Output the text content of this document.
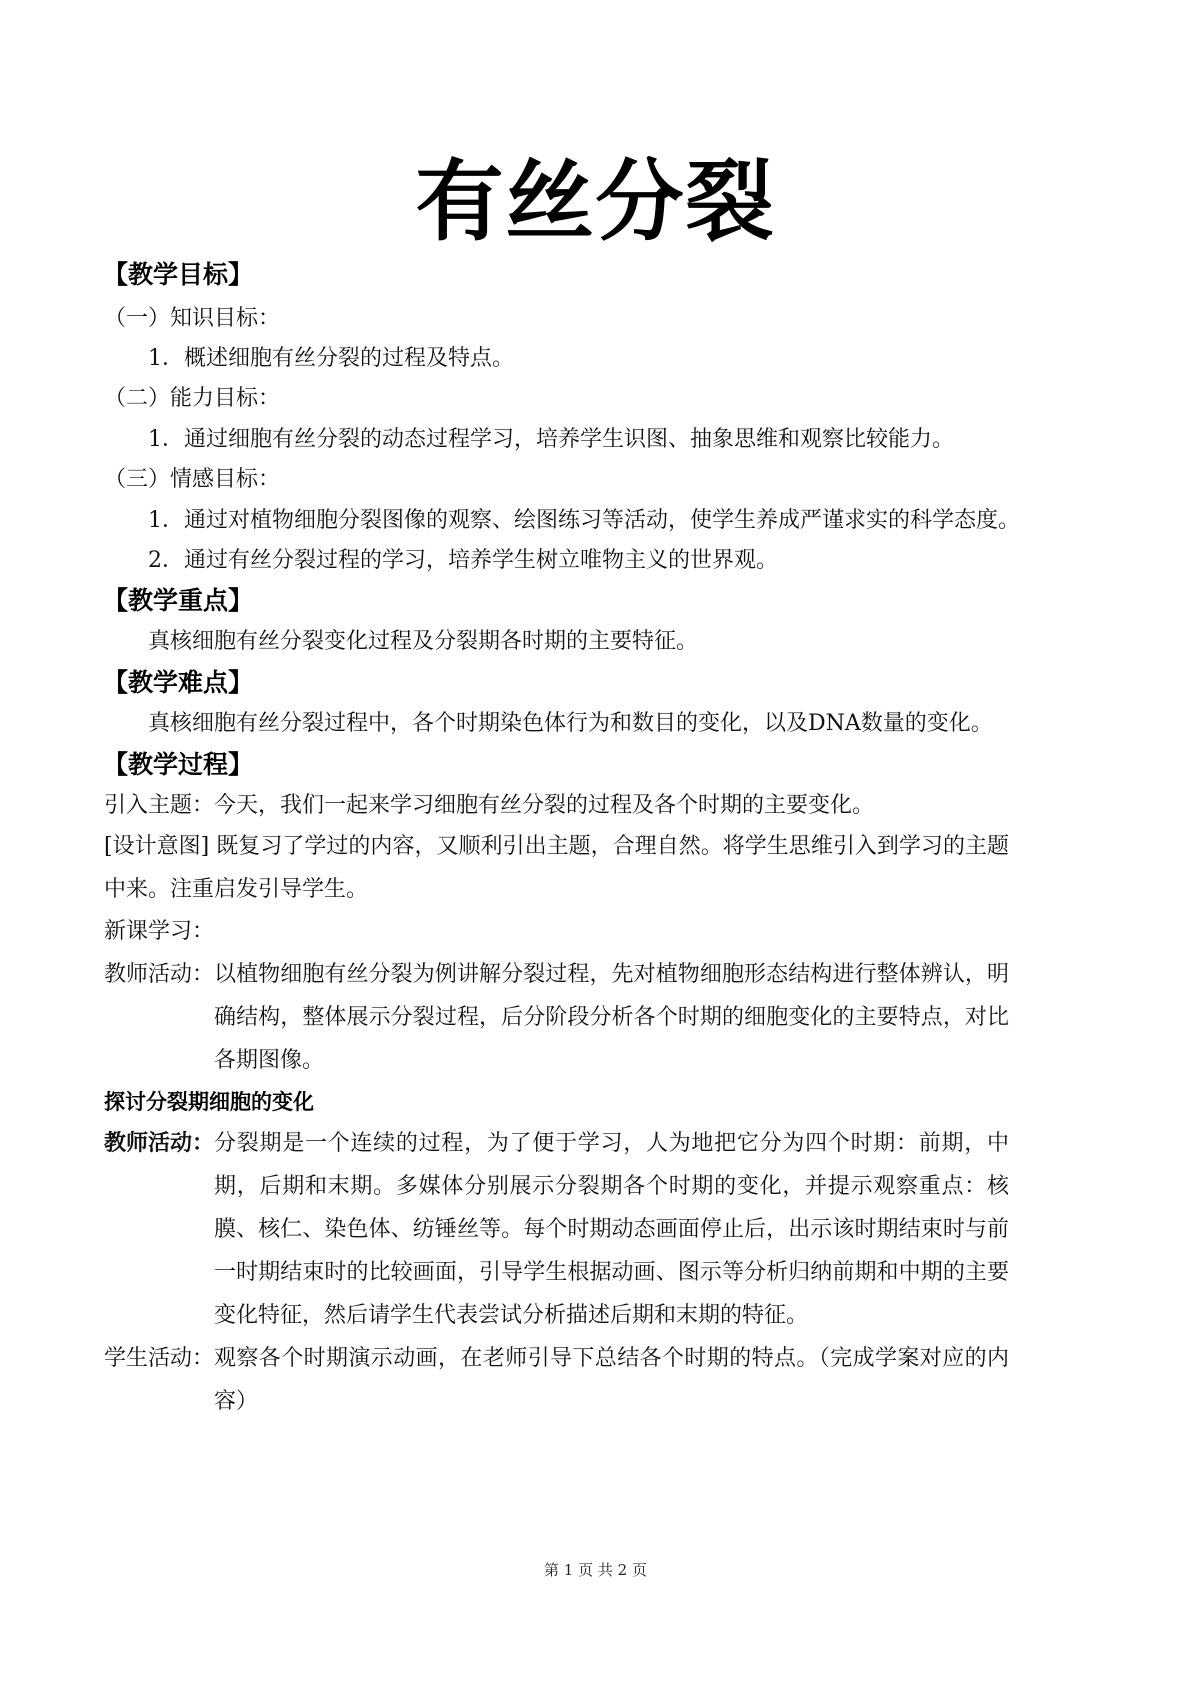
有丝分裂
【教学目标】
（一）知识目标：
1．概述细胞有丝分裂的过程及特点。
（二）能力目标：
1．通过细胞有丝分裂的动态过程学习，培养学生识图、抽象思维和观察比较能力。
（三）情感目标：
1．通过对植物细胞分裂图像的观察、绘图练习等活动，使学生养成严谨求实的科学态度。
2．通过有丝分裂过程的学习，培养学生树立唯物主义的世界观。
【教学重点】
真核细胞有丝分裂变化过程及分裂期各时期的主要特征。
【教学难点】
真核细胞有丝分裂过程中，各个时期染色体行为和数目的变化，以及DNA数量的变化。
【教学过程】
引入主题：今天，我们一起来学习细胞有丝分裂的过程及各个时期的主要变化。
[设计意图] 既复习了学过的内容，又顺利引出主题，合理自然。将学生思维引入到学习的主题中来。注重启发引导学生。
新课学习：
教师活动： 以植物细胞有丝分裂为例讲解分裂过程，先对植物细胞形态结构进行整体辨认，明确结构，整体展示分裂过程，后分阶段分析各个时期的细胞变化的主要特点，对比各期图像。
探讨分裂期细胞的变化
教师活动： 分裂期是一个连续的过程，为了便于学习，人为地把它分为四个时期：前期，中期，后期和末期。多媒体分别展示分裂期各个时期的变化，并提示观察重点：核膜、核仁、染色体、纺锤丝等。每个时期动态画面停止后，出示该时期结束时与前一时期结束时的比较画面，引导学生根据动画、图示等分析归纳前期和中期的主要变化特征，然后请学生代表尝试分析描述后期和末期的特征。
学生活动： 观察各个时期演示动画，在老师引导下总结各个时期的特点。（完成学案对应的内容）
第 1 页 共 2 页
